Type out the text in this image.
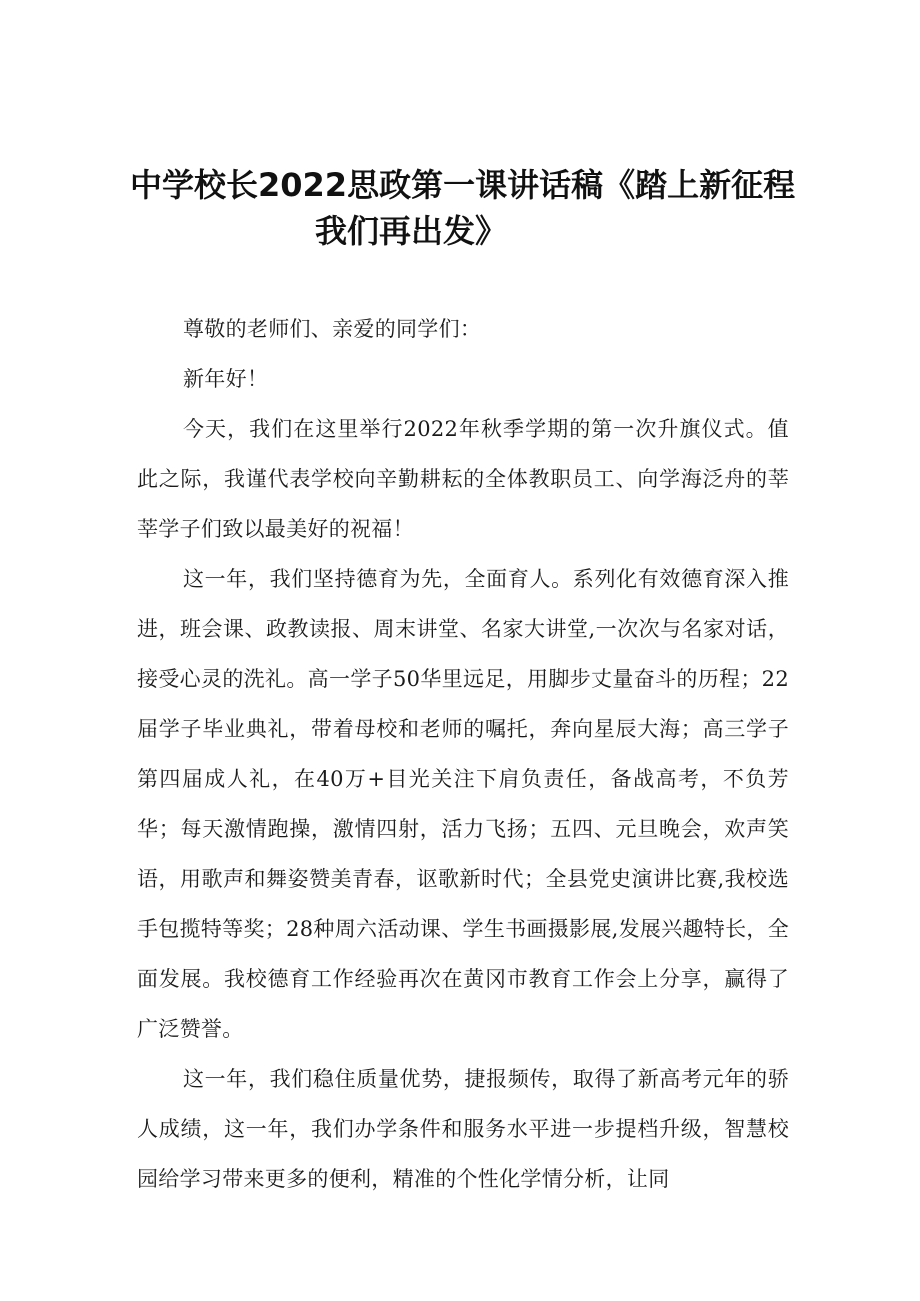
中学校长2022思政第一课讲话稿《踏上新征程
我们再出发》

尊敬的老师们、亲爱的同学们：

新年好！

今天，我们在这里举行2022年秋季学期的第一次升旗仪式。值此之际，我谨代表学校向辛勤耕耘的全体教职员工、向学海泛舟的莘莘学子们致以最美好的祝福！

这一年，我们坚持德育为先，全面育人。系列化有效德育深入推进，班会课、政教读报、周末讲堂、名家大讲堂,一次次与名家对话，接受心灵的洗礼。高一学子50华里远足，用脚步丈量奋斗的历程；22届学子毕业典礼，带着母校和老师的嘱托，奔向星辰大海；高三学子第四届成人礼，在40万+目光关注下肩负责任，备战高考，不负芳华；每天激情跑操，激情四射，活力飞扬；五四、元旦晚会，欢声笑语，用歌声和舞姿赞美青春，讴歌新时代；全县党史演讲比赛,我校选手包揽特等奖；28种周六活动课、学生书画摄影展,发展兴趣特长，全面发展。我校德育工作经验再次在黄冈市教育工作会上分享，赢得了广泛赞誉。

这一年，我们稳住质量优势，捷报频传，取得了新高考元年的骄人成绩，这一年，我们办学条件和服务水平进一步提档升级，智慧校园给学习带来更多的便利，精准的个性化学情分析，让同
